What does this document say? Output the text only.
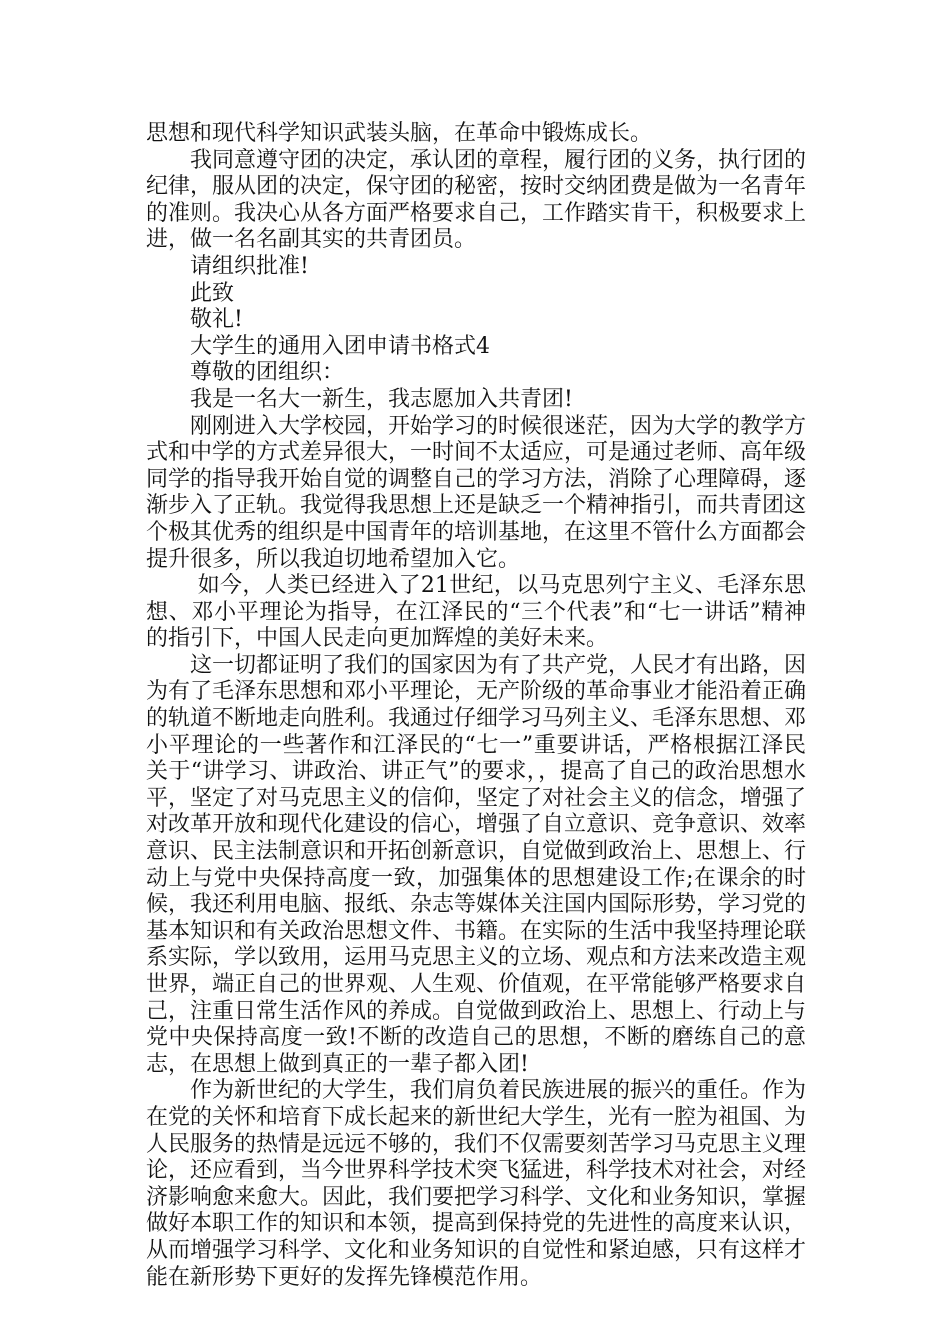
思想和现代科学知识武装头脑，在革命中锻炼成长。

我同意遵守团的决定，承认团的章程，履行团的义务，执行团的纪律，服从团的决定，保守团的秘密，按时交纳团费是做为一名青年的准则。我决心从各方面严格要求自己，工作踏实肯干，积极要求上进，做一名名副其实的共青团员。

请组织批准!

此致

敬礼!

大学生的通用入团申请书格式4

尊敬的团组织：

我是一名大一新生，我志愿加入共青团!

刚刚进入大学校园，开始学习的时候很迷茫，因为大学的教学方式和中学的方式差异很大，一时间不太适应，可是通过老师、高年级同学的指导我开始自觉的调整自己的学习方法，消除了心理障碍，逐渐步入了正轨。我觉得我思想上还是缺乏一个精神指引，而共青团这个极其优秀的组织是中国青年的培训基地，在这里不管什么方面都会提升很多，所以我迫切地希望加入它。

如今，人类已经进入了21世纪，以马克思列宁主义、毛泽东思想、邓小平理论为指导，在江泽民的“三个代表”和“七一讲话”精神的指引下，中国人民走向更加辉煌的美好未来。

这一切都证明了我们的国家因为有了共产党，人民才有出路，因为有了毛泽东思想和邓小平理论，无产阶级的革命事业才能沿着正确的轨道不断地走向胜利。我通过仔细学习马列主义、毛泽东思想、邓小平理论的一些著作和江泽民的“七一”重要讲话，严格根据江泽民关于“讲学习、讲政治、讲正气”的要求，，提高了自己的政治思想水平，坚定了对马克思主义的信仰，坚定了对社会主义的信念，增强了对改革开放和现代化建设的信心，增强了自立意识、竞争意识、效率意识、民主法制意识和开拓创新意识，自觉做到政治上、思想上、行动上与党中央保持高度一致，加强集体的思想建设工作;在课余的时候，我还利用电脑、报纸、杂志等媒体关注国内国际形势，学习党的基本知识和有关政治思想文件、书籍。在实际的生活中我坚持理论联系实际，学以致用，运用马克思主义的立场、观点和方法来改造主观世界，端正自己的世界观、人生观、价值观，在平常能够严格要求自己，注重日常生活作风的养成。自觉做到政治上、思想上、行动上与党中央保持高度一致!不断的改造自己的思想，不断的磨练自己的意志，在思想上做到真正的一辈子都入团!

作为新世纪的大学生，我们肩负着民族进展的振兴的重任。作为在党的关怀和培育下成长起来的新世纪大学生，光有一腔为祖国、为人民服务的热情是远远不够的，我们不仅需要刻苦学习马克思主义理论，还应看到，当今世界科学技术突飞猛进，科学技术对社会，对经济影响愈来愈大。因此，我们要把学习科学、文化和业务知识，掌握做好本职工作的知识和本领，提高到保持党的先进性的高度来认识，从而增强学习科学、文化和业务知识的自觉性和紧迫感，只有这样才能在新形势下更好的发挥先锋模范作用。
